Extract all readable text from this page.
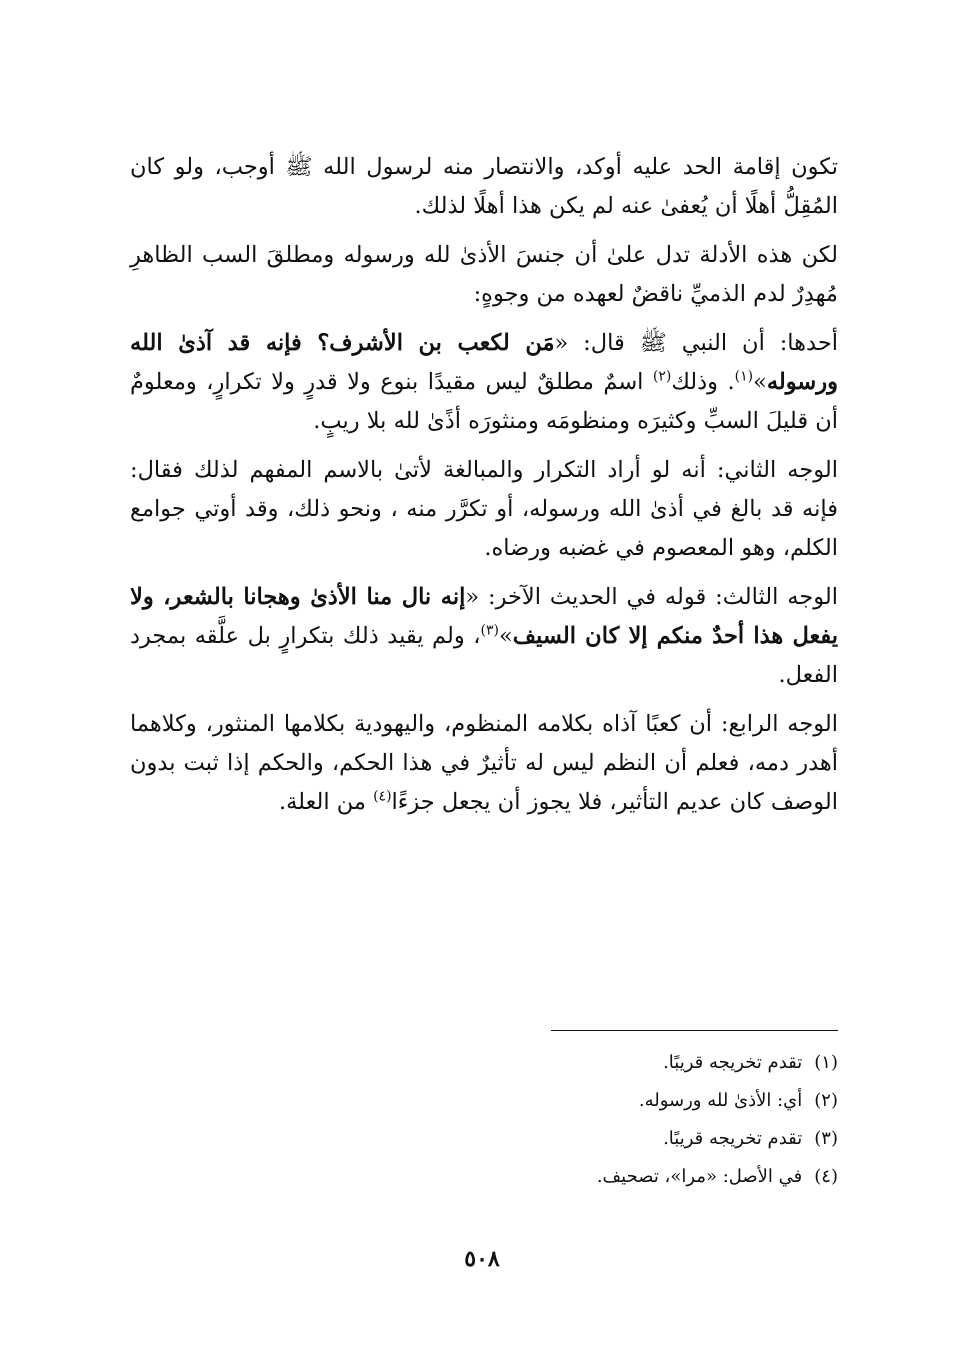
تكون إقامة الحد عليه أوكد، والانتصار منه لرسول الله ﷺ أوجب، ولو كان المُقِلُّ أهلًا أن يُعفىٰ عنه لم يكن هذا أهلًا لذلك.

لكن هذه الأدلة تدل علىٰ أن جنسَ الأذىٰ لله ورسوله ومطلقَ السب الظاهرِ مُهدِرٌ لدم الذميِّ ناقضٌ لعهده من وجوهٍ:

أحدها: أن النبي ﷺ قال: «مَن لكعب بن الأشرف؟ فإنه قد آذىٰ الله ورسوله»$^{(١)}$. وذلك$^{(٢)}$ اسمٌ مطلقٌ ليس مقيدًا بنوع ولا قدرٍ ولا تكرارٍ، ومعلومٌ أن قليلَ السبِّ وكثيرَه ومنظومَه ومنثورَه أذًىٰ لله بلا ريبٍ.

الوجه الثاني: أنه لو أراد التكرار والمبالغة لأتىٰ بالاسم المفهم لذلك فقال: فإنه قد بالغ في أذىٰ الله ورسوله، أو تكرَّر منه ، ونحو ذلك، وقد أوتي جوامع الكلم، وهو المعصوم في غضبه ورضاه.

الوجه الثالث: قوله في الحديث الآخر: «إنه نال منا الأذىٰ وهجانا بالشعر، ولا يفعل هذا أحدٌ منكم إلا كان السيف»$^{(٣)}$، ولم يقيد ذلك بتكرارٍ بل علَّقه بمجرد الفعل.

الوجه الرابع: أن كعبًا آذاه بكلامه المنظوم، واليهودية بكلامها المنثور، وكلاهما أهدر دمه، فعلم أن النظم ليس له تأثيرٌ في هذا الحكم، والحكم إذا ثبت بدون الوصف كان عديم التأثير، فلا يجوز أن يجعل جزءًا$^{(٤)}$ من العلة.

(١)تقدم تخريجه قريبًا.
(٢)أي: الأذىٰ لله ورسوله.
(٣)تقدم تخريجه قريبًا.
(٤)في الأصل: «مرا»، تصحيف.
٥٠٨
